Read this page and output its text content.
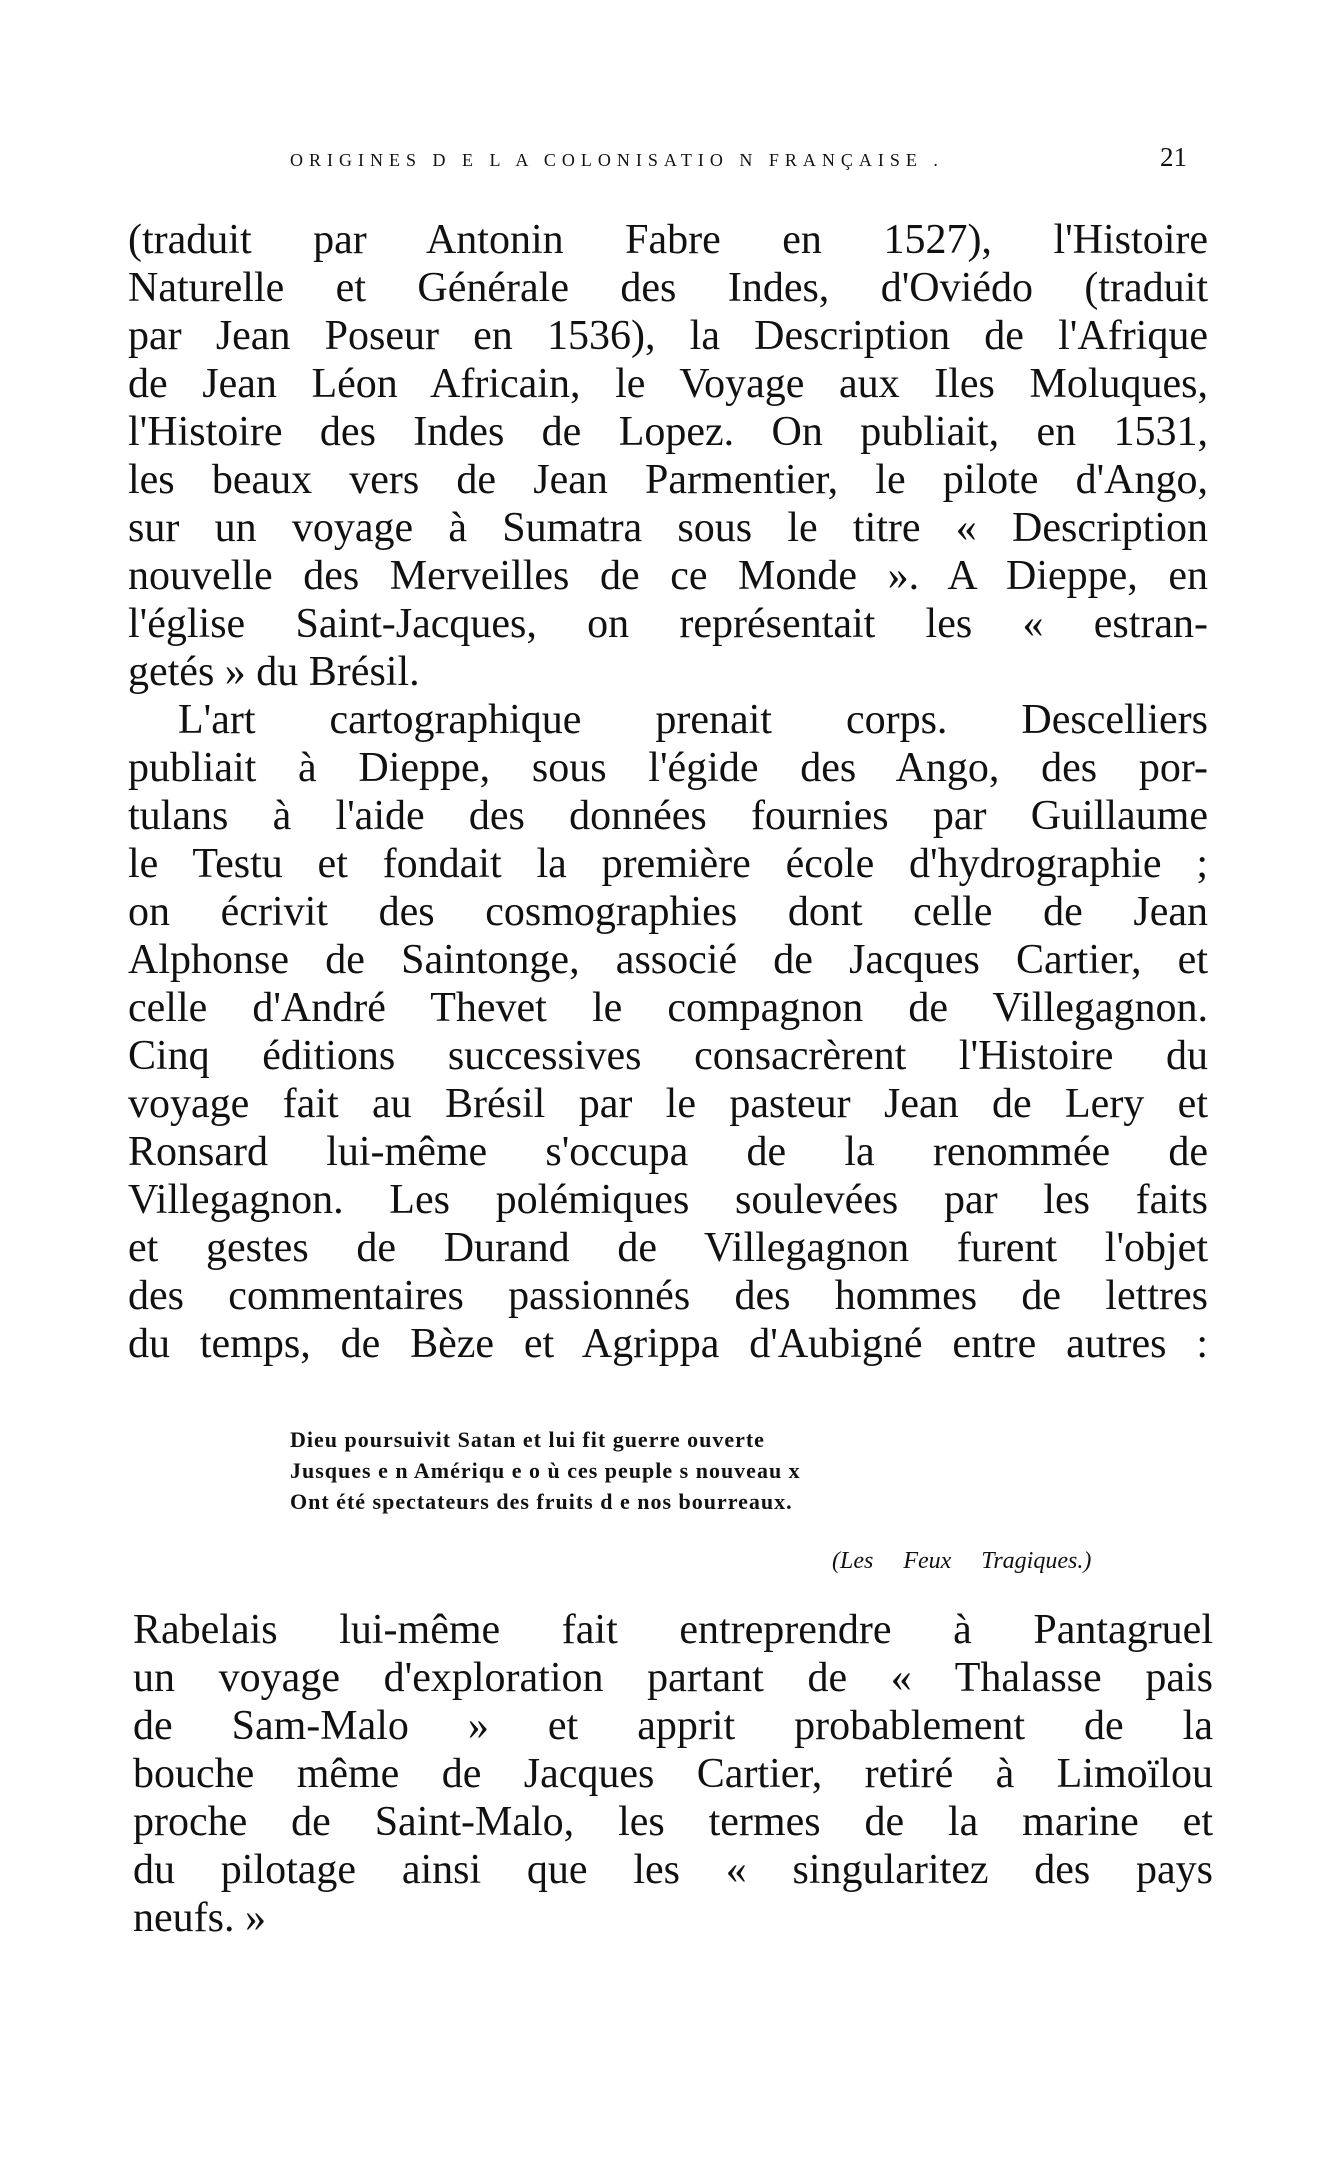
ORIGINES D E L A COLONISATIO N FRANÇAISE .	21
(traduit par Antonin Fabre en 1527), l'Histoire
Naturelle et Générale des Indes, d'Oviédo (traduit
par Jean Poseur en 1536), la Description de l'Afrique
de Jean Léon Africain, le Voyage aux Iles Moluques,
l'Histoire des Indes de Lopez. On publiait, en 1531,
les beaux vers de Jean Parmentier, le pilote d'Ango,
sur un voyage à Sumatra sous le titre « Description
nouvelle des Merveilles de ce Monde ». A Dieppe, en
l'église Saint-Jacques, on représentait les « estran-
getés » du Brésil.
L'art cartographique prenait corps. Descelliers
publiait à Dieppe, sous l'égide des Ango, des por-
tulans à l'aide des données fournies par Guillaume
le Testu et fondait la première école d'hydrographie ;
on écrivit des cosmographies dont celle de Jean
Alphonse de Saintonge, associé de Jacques Cartier, et
celle d'André Thevet le compagnon de Villegagnon.
Cinq éditions successives consacrèrent l'Histoire du
voyage fait au Brésil par le pasteur Jean de Lery et
Ronsard lui-même s'occupa de la renommée de
Villegagnon. Les polémiques soulevées par les faits
et gestes de Durand de Villegagnon furent l'objet
des commentaires passionnés des hommes de lettres
du temps, de Bèze et Agrippa d'Aubigné entre autres :
Dieu poursuivit Satan et lui fit guerre ouverte
Jusques e n Amériqu e o ù ces peuple s nouveau x
Ont été spectateurs des fruits d e nos bourreaux.
(Les Feux Tragiques.)
Rabelais lui-même fait entreprendre à Pantagruel
un voyage d'exploration partant de « Thalasse pais
de Sam-Malo » et apprit probablement de la
bouche même de Jacques Cartier, retiré à Limoïlou
proche de Saint-Malo, les termes de la marine et
du pilotage ainsi que les « singularitez des pays
neufs. »
